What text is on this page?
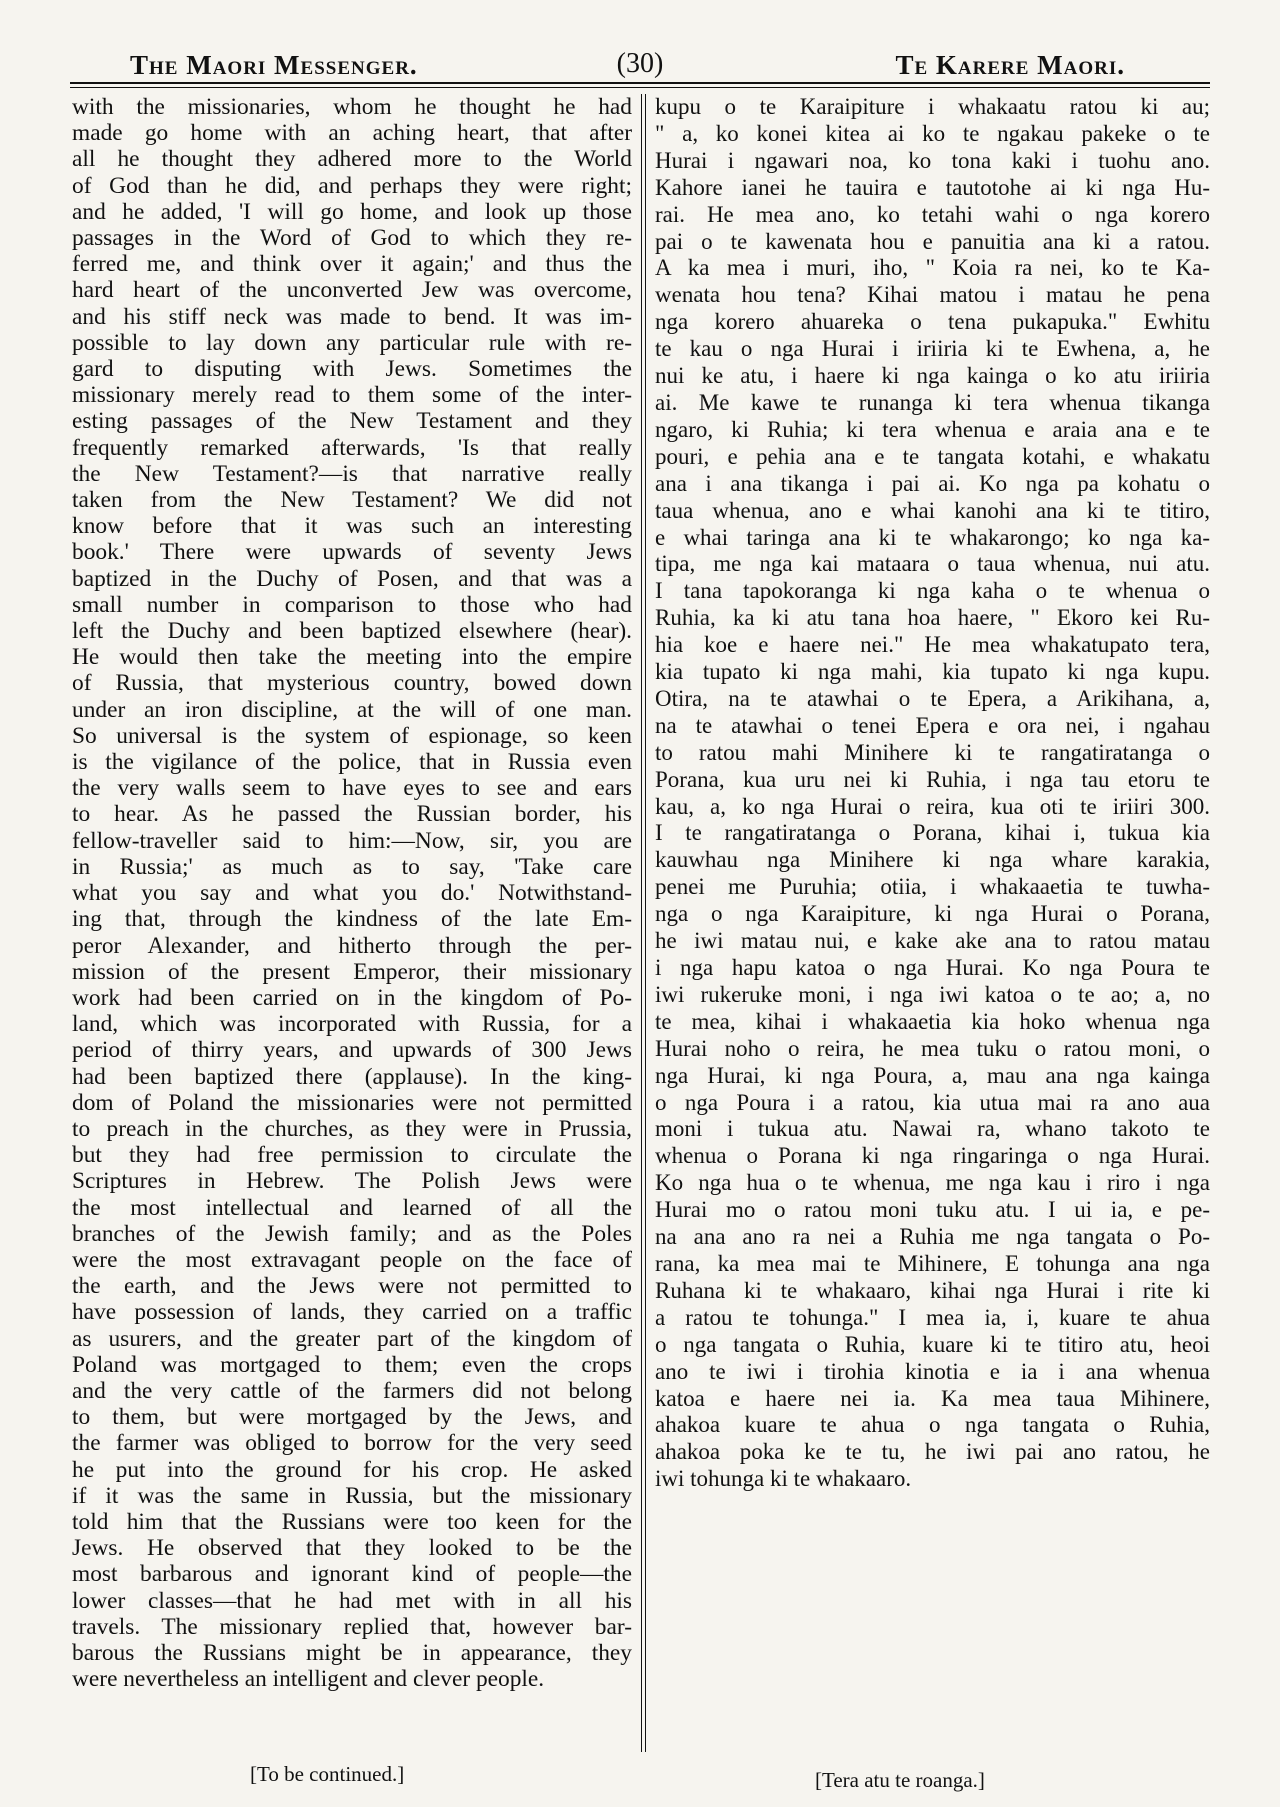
The Maori Messenger.	(30)	Te Karere Maori.
with the missionaries, whom he thought he had
made go home with an aching heart, that after
all he thought they adhered more to the World
of God than he did, and perhaps they were right;
and he added, 'I will go home, and look up those
passages in the Word of God to which they re-
ferred me, and think over it again;' and thus the
hard heart of the unconverted Jew was overcome,
and his stiff neck was made to bend. It was im-
possible to lay down any particular rule with re-
gard to disputing with Jews. Sometimes the
missionary merely read to them some of the inter-
esting passages of the New Testament and they
frequently remarked afterwards, 'Is that really
the New Testament?—is that narrative really
taken from the New Testament? We did not
know before that it was such an interesting
book.' There were upwards of seventy Jews
baptized in the Duchy of Posen, and that was a
small number in comparison to those who had
left the Duchy and been baptized elsewhere (hear).
He would then take the meeting into the empire
of Russia, that mysterious country, bowed down
under an iron discipline, at the will of one man.
So universal is the system of espionage, so keen
is the vigilance of the police, that in Russia even
the very walls seem to have eyes to see and ears
to hear. As he passed the Russian border, his
fellow-traveller said to him:—Now, sir, you are
in Russia;' as much as to say, 'Take care
what you say and what you do.' Notwithstand-
ing that, through the kindness of the late Em-
peror Alexander, and hitherto through the per-
mission of the present Emperor, their missionary
work had been carried on in the kingdom of Po-
land, which was incorporated with Russia, for a
period of thirry years, and upwards of 300 Jews
had been baptized there (applause). In the king-
dom of Poland the missionaries were not permitted
to preach in the churches, as they were in Prussia,
but they had free permission to circulate the
Scriptures in Hebrew. The Polish Jews were
the most intellectual and learned of all the
branches of the Jewish family; and as the Poles
were the most extravagant people on the face of
the earth, and the Jews were not permitted to
have possession of lands, they carried on a traffic
as usurers, and the greater part of the kingdom of
Poland was mortgaged to them; even the crops
and the very cattle of the farmers did not belong
to them, but were mortgaged by the Jews, and
the farmer was obliged to borrow for the very seed
he put into the ground for his crop. He asked
if it was the same in Russia, but the missionary
told him that the Russians were too keen for the
Jews. He observed that they looked to be the
most barbarous and ignorant kind of people—the
lower classes—that he had met with in all his
travels. The missionary replied that, however bar-
barous the Russians might be in appearance, they
were nevertheless an intelligent and clever people.
kupu o te Karaipiture i whakaatu ratou ki au;
" a, ko konei kitea ai ko te ngakau pakeke o te
Hurai i ngawari noa, ko tona kaki i tuohu ano.
Kahore ianei he tauira e tautotohe ai ki nga Hu-
rai. He mea ano, ko tetahi wahi o nga korero
pai o te kawenata hou e panuitia ana ki a ratou.
A ka mea i muri, iho, " Koia ra nei, ko te Ka-
wenata hou tena? Kihai matou i matau he pena
nga korero ahuareka o tena pukapuka." Ewhitu
te kau o nga Hurai i iriiria ki te Ewhena, a, he
nui ke atu, i haere ki nga kainga o ko atu iriiria
ai. Me kawe te runanga ki tera whenua tikanga
ngaro, ki Ruhia; ki tera whenua e araia ana e te
pouri, e pehia ana e te tangata kotahi, e whakatu
ana i ana tikanga i pai ai. Ko nga pa kohatu o
taua whenua, ano e whai kanohi ana ki te titiro,
e whai taringa ana ki te whakarongo; ko nga ka-
tipa, me nga kai mataara o taua whenua, nui atu.
I tana tapokoranga ki nga kaha o te whenua o
Ruhia, ka ki atu tana hoa haere, " Ekoro kei Ru-
hia koe e haere nei." He mea whakatupato tera,
kia tupato ki nga mahi, kia tupato ki nga kupu.
Otira, na te atawhai o te Epera, a Arikihana, a,
na te atawhai o tenei Epera e ora nei, i ngahau
to ratou mahi Minihere ki te rangatiratanga o
Porana, kua uru nei ki Ruhia, i nga tau etoru te
kau, a, ko nga Hurai o reira, kua oti te iriiri 300.
I te rangatiratanga o Porana, kihai i, tukua kia
kauwhau nga Minihere ki nga whare karakia,
penei me Puruhia; otiia, i whakaaetia te tuwha-
nga o nga Karaipiture, ki nga Hurai o Porana,
he iwi matau nui, e kake ake ana to ratou matau
i nga hapu katoa o nga Hurai. Ko nga Poura te
iwi rukeruke moni, i nga iwi katoa o te ao; a, no
te mea, kihai i whakaaetia kia hoko whenua nga
Hurai noho o reira, he mea tuku o ratou moni, o
nga Hurai, ki nga Poura, a, mau ana nga kainga
o nga Poura i a ratou, kia utua mai ra ano aua
moni i tukua atu. Nawai ra, whano takoto te
whenua o Porana ki nga ringaringa o nga Hurai.
Ko nga hua o te whenua, me nga kau i riro i nga
Hurai mo o ratou moni tuku atu. I ui ia, e pe-
na ana ano ra nei a Ruhia me nga tangata o Po-
rana, ka mea mai te Mihinere, E tohunga ana nga
Ruhana ki te whakaaro, kihai nga Hurai i rite ki
a ratou te tohunga." I mea ia, i, kuare te ahua
o nga tangata o Ruhia, kuare ki te titiro atu, heoi
ano te iwi i tirohia kinotia e ia i ana whenua
katoa e haere nei ia. Ka mea taua Mihinere,
ahakoa kuare te ahua o nga tangata o Ruhia,
ahakoa poka ke te tu, he iwi pai ano ratou, he
iwi tohunga ki te whakaaro.
[To be continued.]	[Tera atu te roanga.]
